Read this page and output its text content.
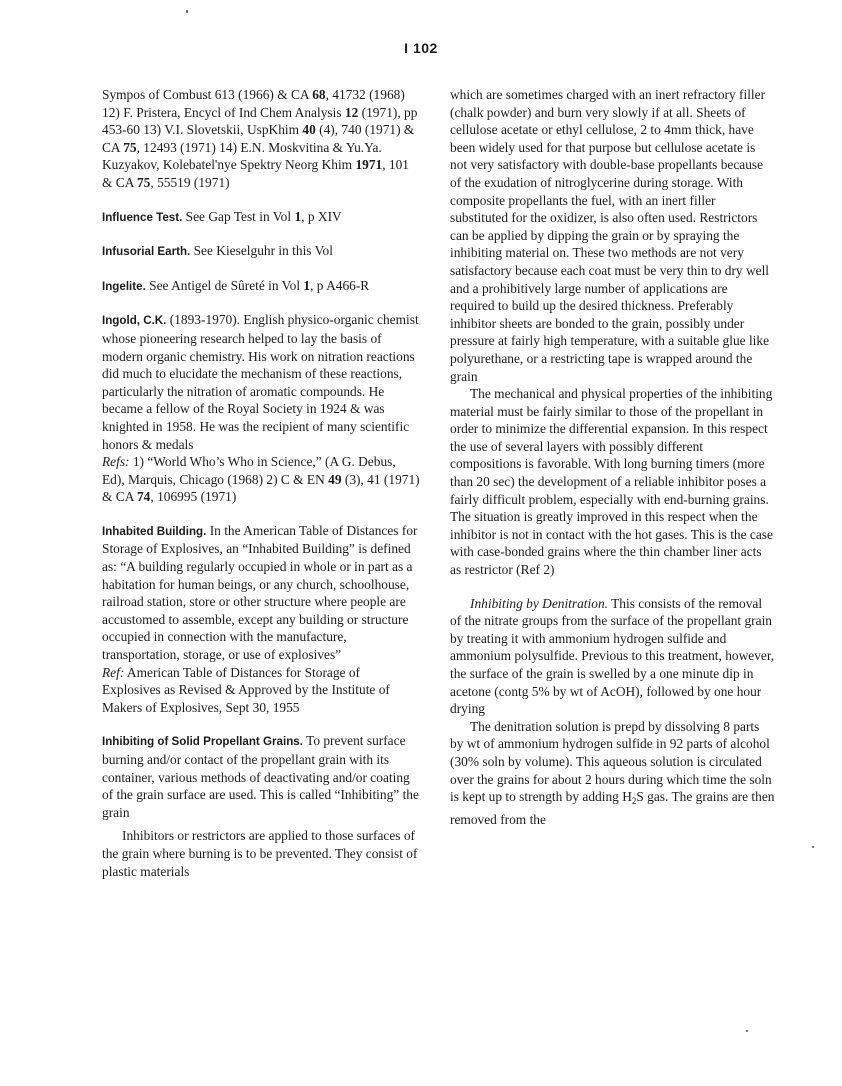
I 102

Sympos of Combust 613 (1966) & CA 68, 41732 (1968) 12) F. Pristera, Encycl of Ind Chem Analysis 12 (1971), pp 453-60 13) V.I. Slovetskii, UspKhim 40 (4), 740 (1971) & CA 75, 12493 (1971) 14) E.N. Moskvitina & Yu.Ya. Kuzyakov, Kolebatel'nye Spektry Neorg Khim 1971, 101 & CA 75, 55519 (1971)

Influence Test. See Gap Test in Vol 1, p XIV

Infusorial Earth. See Kieselguhr in this Vol

Ingelite. See Antigel de Sûreté in Vol 1, p A466-R

Ingold, C.K. (1893-1970). English physico-organic chemist whose pioneering research helped to lay the basis of modern organic chemistry. His work on nitration reactions did much to elucidate the mechanism of these reactions, particularly the nitration of aromatic compounds. He became a fellow of the Royal Society in 1924 & was knighted in 1958. He was the recipient of many scientific honors & medals
Refs: 1) “World Who’s Who in Science,” (A G. Debus, Ed), Marquis, Chicago (1968) 2) C & EN 49 (3), 41 (1971) & CA 74, 106995 (1971)
Inhabited Building. In the American Table of Distances for Storage of Explosives, an “Inhabited Building” is defined as: “A building regularly occupied in whole or in part as a habitation for human beings, or any church, schoolhouse, railroad station, store or other structure where people are accustomed to assemble, except any building or structure occupied in connection with the manufacture, transportation, storage, or use of explosives”
Ref: American Table of Distances for Storage of Explosives as Revised & Approved by the Institute of Makers of Explosives, Sept 30, 1955

Inhibiting of Solid Propellant Grains. To prevent surface burning and/or contact of the propellant grain with its container, various methods of deactivating and/or coating of the grain surface are used. This is called “Inhibiting” the grain

Inhibitors or restrictors are applied to those surfaces of the grain where burning is to be prevented. They consist of plastic materials

which are sometimes charged with an inert refractory filler (chalk powder) and burn very slowly if at all. Sheets of cellulose acetate or ethyl cellulose, 2 to 4mm thick, have been widely used for that purpose but cellulose acetate is not very satisfactory with double-base propellants because of the exudation of nitroglycerine during storage. With composite propellants the fuel, with an inert filler substituted for the oxidizer, is also often used. Restrictors can be applied by dipping the grain or by spraying the inhibiting material on. These two methods are not very satisfactory because each coat must be very thin to dry well and a prohibitively large number of applications are required to build up the desired thickness. Preferably inhibitor sheets are bonded to the grain, possibly under pressure at fairly high temperature, with a suitable glue like polyurethane, or a restricting tape is wrapped around the grain

The mechanical and physical properties of the inhibiting material must be fairly similar to those of the propellant in order to minimize the differential expansion. In this respect the use of several layers with possibly different compositions is favorable. With long burning timers (more than 20 sec) the development of a reliable inhibitor poses a fairly difficult problem, especially with end-burning grains. The situation is greatly improved in this respect when the inhibitor is not in contact with the hot gases. This is the case with case-bonded grains where the thin chamber liner acts as restrictor (Ref 2)

Inhibiting by Denitration. This consists of the removal of the nitrate groups from the surface of the propellant grain by treating it with ammonium hydrogen sulfide and ammonium polysulfide. Previous to this treatment, however, the surface of the grain is swelled by a one minute dip in acetone (contg 5% by wt of AcOH), followed by one hour drying

The denitration solution is prepd by dissolving 8 parts by wt of ammonium hydrogen sulfide in 92 parts of alcohol (30% soln by volume). This aqueous solution is circulated over the grains for about 2 hours during which time the soln is kept up to strength by adding $H_2S$ gas. The grains are then removed from the
